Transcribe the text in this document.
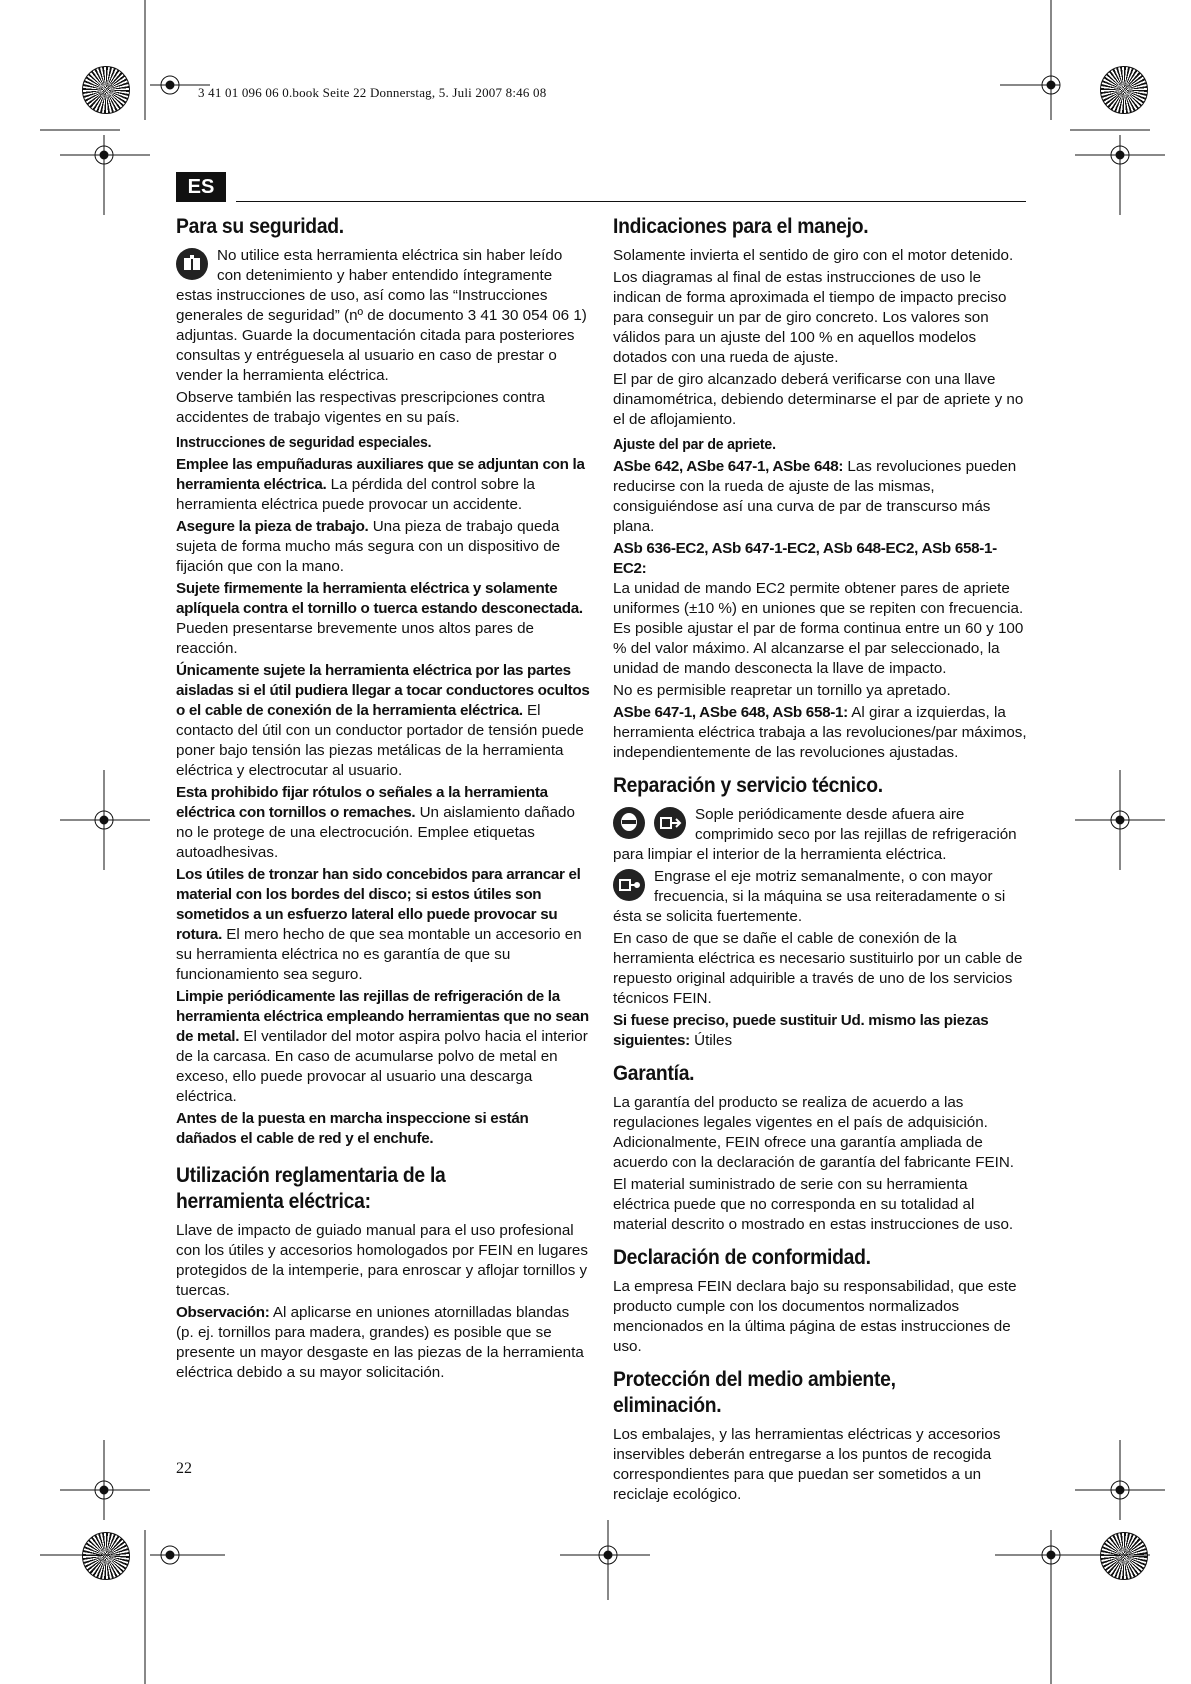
3 41 01 096 06 0.book Seite 22 Donnerstag, 5. Juli 2007 8:46 08
ES
Para su seguridad.

No utilice esta herramienta eléctrica sin haber leído con detenimiento y haber entendido íntegramente estas instrucciones de uso, así como las “Instrucciones generales de seguridad” (nº de documento 3 41 30 054 06 1) adjuntas. Guarde la documentación citada para posteriores consultas y entréguesela al usuario en caso de prestar o vender la herramienta eléctrica.

Observe también las respectivas prescripciones contra accidentes de trabajo vigentes en su país.

Instrucciones de seguridad especiales.

Emplee las empuñaduras auxiliares que se adjuntan con la herramienta eléctrica. La pérdida del control sobre la herramienta eléctrica puede provocar un accidente.

Asegure la pieza de trabajo. Una pieza de trabajo queda sujeta de forma mucho más segura con un dispositivo de fijación que con la mano.

Sujete firmemente la herramienta eléctrica y solamente aplíquela contra el tornillo o tuerca estando desconectada. Pueden presentarse brevemente unos altos pares de reacción.

Únicamente sujete la herramienta eléctrica por las partes aisladas si el útil pudiera llegar a tocar conductores ocultos o el cable de conexión de la herramienta eléctrica. El contacto del útil con un conductor portador de tensión puede poner bajo tensión las piezas metálicas de la herramienta eléctrica y electrocutar al usuario.

Esta prohibido fijar rótulos o señales a la herramienta eléctrica con tornillos o remaches. Un aislamiento dañado no le protege de una electrocución. Emplee etiquetas autoadhesivas.

Los útiles de tronzar han sido concebidos para arrancar el material con los bordes del disco; si estos útiles son sometidos a un esfuerzo lateral ello puede provocar su rotura. El mero hecho de que sea montable un accesorio en su herramienta eléctrica no es garantía de que su funcionamiento sea seguro.

Limpie periódicamente las rejillas de refrigeración de la herramienta eléctrica empleando herramientas que no sean de metal. El ventilador del motor aspira polvo hacia el interior de la carcasa. En caso de acumularse polvo de metal en exceso, ello puede provocar al usuario una descarga eléctrica.

Antes de la puesta en marcha inspeccione si están dañados el cable de red y el enchufe.

Utilización reglamentaria de la herramienta eléctrica:

Llave de impacto de guiado manual para el uso profesional con los útiles y accesorios homologados por FEIN en lugares protegidos de la intemperie, para enroscar y aflojar tornillos y tuercas.

Observación: Al aplicarse en uniones atornilladas blandas (p. ej. tornillos para madera, grandes) es posible que se presente un mayor desgaste en las piezas de la herramienta eléctrica debido a su mayor solicitación.

Indicaciones para el manejo.

Solamente invierta el sentido de giro con el motor detenido.

Los diagramas al final de estas instrucciones de uso le indican de forma aproximada el tiempo de impacto preciso para conseguir un par de giro concreto. Los valores son válidos para un ajuste del 100 % en aquellos modelos dotados con una rueda de ajuste.

El par de giro alcanzado deberá verificarse con una llave dinamométrica, debiendo determinarse el par de apriete y no el de aflojamiento.

Ajuste del par de apriete.

ASbe 642, ASbe 647-1, ASbe 648: Las revoluciones pueden reducirse con la rueda de ajuste de las mismas, consiguiéndose así una curva de par de transcurso más plana.

ASb 636-EC2, ASb 647-1-EC2, ASb 648-EC2, ASb 658-1-EC2:
La unidad de mando EC2 permite obtener pares de apriete uniformes (±10 %) en uniones que se repiten con frecuencia. Es posible ajustar el par de forma continua entre un 60 y 100 % del valor máximo. Al alcanzarse el par seleccionado, la unidad de mando desconecta la llave de impacto.

No es permisible reapretar un tornillo ya apretado.

ASbe 647-1, ASbe 648, ASb 658-1: Al girar a izquierdas, la herramienta eléctrica trabaja a las revoluciones/par máximos, independientemente de las revoluciones ajustadas.

Reparación y servicio técnico.

Sople periódicamente desde afuera aire comprimido seco por las rejillas de refrigeración para limpiar el interior de la herramienta eléctrica.

Engrase el eje motriz semanalmente, o con mayor frecuencia, si la máquina se usa reiteradamente o si ésta se solicita fuertemente.

En caso de que se dañe el cable de conexión de la herramienta eléctrica es necesario sustituirlo por un cable de repuesto original adquirible a través de uno de los servicios técnicos FEIN.

Si fuese preciso, puede sustituir Ud. mismo las piezas siguientes: Útiles

Garantía.

La garantía del producto se realiza de acuerdo a las regulaciones legales vigentes en el país de adquisición. Adicionalmente, FEIN ofrece una garantía ampliada de acuerdo con la declaración de garantía del fabricante FEIN.

El material suministrado de serie con su herramienta eléctrica puede que no corresponda en su totalidad al material descrito o mostrado en estas instrucciones de uso.

Declaración de conformidad.

La empresa FEIN declara bajo su responsabilidad, que este producto cumple con los documentos normalizados mencionados en la última página de estas instrucciones de uso.

Protección del medio ambiente, eliminación.

Los embalajes, y las herramientas eléctricas y accesorios inservibles deberán entregarse a los puntos de recogida correspondientes para que puedan ser sometidos a un reciclaje ecológico.

22
